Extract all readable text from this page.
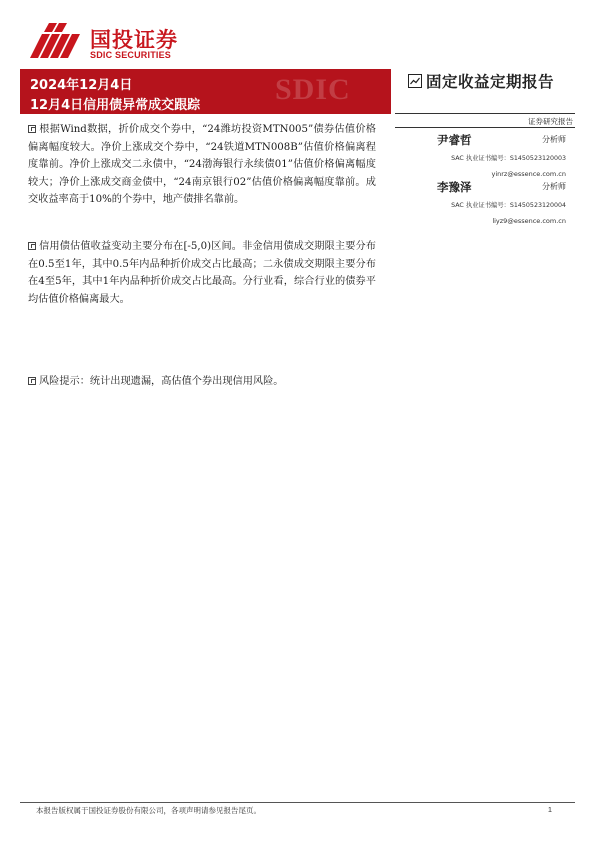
国投证券
SDIC SECURITIES
SDIC
2024年12月4日
12月4日信用债异常成交跟踪
固定收益定期报告
证券研究报告
尹睿哲	分析师
SAC 执业证书编号：S1450523120003
yinrz@essence.com.cn
李豫泽	分析师
SAC 执业证书编号：S1450523120004
liyz9@essence.com.cn
根据Wind数据，折价成交个券中，“24潍坊投资MTN005”债券估值价格偏离幅度较大。净价上涨成交个券中，“24铁道MTN008B”估值价格偏离程度靠前。净价上涨成交二永债中，“24渤海银行永续债01”估值价格偏离幅度较大；净价上涨成交商金债中，“24南京银行02”估值价格偏离幅度靠前。成交收益率高于10%的个券中，地产债排名靠前。
信用债估值收益变动主要分布在[-5,0)区间。非金信用债成交期限主要分布在0.5至1年，其中0.5年内品种折价成交占比最高；二永债成交期限主要分布在4至5年，其中1年内品种折价成交占比最高。分行业看，综合行业的债券平均估值价格偏离最大。
风险提示：统计出现遗漏，高估值个券出现信用风险。
本报告版权属于国投证券股份有限公司，各项声明请参见报告尾页。	1
